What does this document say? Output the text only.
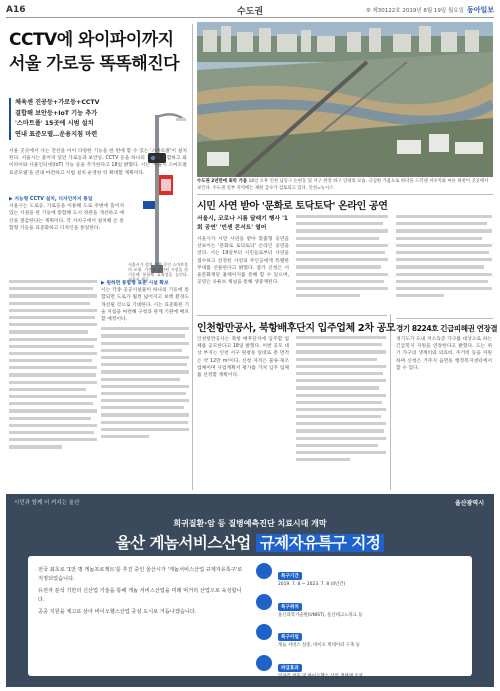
A16	수도권	⑨ 제30122호 2019년 8월 19일 월요일 동아일보
CCTV에 와이파이까지
서울 가로등 똑똑해진다
체육센 진공등+가로등+CCTV
결합해 보안등+IoT 기능 추가
'스마트폴' 15곳에 시범 설치
연내 표준모델…운용지침 마련
서울 곳곳에서 사는 전선을 이어 다양한 기능을 한 번에 할 수 있는 '스마트폴'이 설치된다. 서울시는 흩어져 있던 가로등과 보안등, CCTV 등을 하나의 기둥에 통합하고 와이파이와 사물인터넷(IoT) 기능 등을 추가한다고 18일 밝혔다. 시는 '서울시 스마트폴 표준모델'을 연내 마련하고 시범 설치 운영한 뒤 확대할 계획이다.
▶ 지능형 CCTV 설치, 디자인까지 통일
서울시는 도로등, 가로등을 이용해 도로 주변에 흩어져 있는 시설을 한 기둥에 통합해 도시 경관을 개선하고 예산을 절감한다는 계획이다. 각 자치구에서 설치해 온 통합형 기둥을 표준화하고 디자인을 통일한다.
서울시가 설치 계획 중인 스마트폴의 모형. 기존에 분산된 시설을 한 기둥에 통합해 효율성을 높인다. 서울시 제공
▶ 원하면 통합형 표준 시설 확보
시는 각종 공공시설물이 하나의 기둥에 통합되면 도로가 훨씬 넓어지고 보행 환경도 개선될 것으로 기대한다. 시는 표준화된 기술 지침을 마련해 구청과 관계 기관에 배포할 예정이다.
수도권 2년만에 최악 가뭄 18일 오후 인천 남동구 논현동 및 서구 한강 하구 일대의 모습. 극심한 가뭄으로 바닥을 드러낸 저수지와 마른 하천이 곳곳에서 보인다. 수도권 일부 지역에는 제한 급수가 검토되고 있다. 인천=뉴시스
시민 사연 받아 '문화로 토닥토닥' 온라인 공연
서울시, 코로나 시름 달래기 행사 '1회 공연' '빈센 콘서트' 열어
서울시가 시민 사연을 받아 맞춤형 공연을 선보이는 '문화로 토닥토닥' 온라인 공연을 연다. 시는 19일부터 시민들로부터 사연을 접수하고 선정된 사연의 주인공에게 특별한 무대를 선물한다고 밝혔다. 참가 신청은 서울문화재단 홈페이지를 통해 할 수 있으며, 공연은 유튜브 채널을 통해 생중계된다.
인천항만공사, 북항배후단지 입주업체 2차 공모
인천항만공사는 북항 배후단지에 입주할 업체를 공모한다고 18일 밝혔다. 이번 공모 대상 부지는 인천 서구 원창동 일대로 총 면적은 약 12만 m²이다. 신청 자격은 물류·제조업체이며 사업계획서 평가를 거쳐 입주 업체를 선정할 계획이다.
경기 8224호 긴급피해권 연장결
경기도가 도내 저소득층 가구를 대상으로 하는 긴급복지 지원을 연장한다고 밝혔다. 도는 위기 가구의 생계비와 의료비, 주거비 등을 지원하며 신청은 거주지 읍면동 행정복지센터에서 할 수 있다.
시민과 함께 더 커지는 울산	울산광역시
희귀질환·암 등 질병예측진단 치료시대 개막
울산 게놈서비스산업 규제자유특구 지정

전국 최초로 '1만 명 게놈프로젝트'를 추진 중인 울산시가 '게놈서비스산업 규제자유특구'로 지정되었습니다.

유전자 분석 기반의 신산업 기술을 통해 게놈 서비스산업을 미래 먹거리 산업으로 육성합니다.

공공 지원을 제고로 삼아 바이오헬스산업 중심 도시로 거듭나겠습니다.

특구기간
2019. 7. 8 ~ 2023. 7. 8 (4년간)
특구위치
울산과학기술원(UNIST), 울산테크노파크 등
특구사업
게놈 서비스 실증, 바이오 빅데이터 구축 등
파급효과
일자리 창출 및 바이오헬스 산업 생태계 조성
